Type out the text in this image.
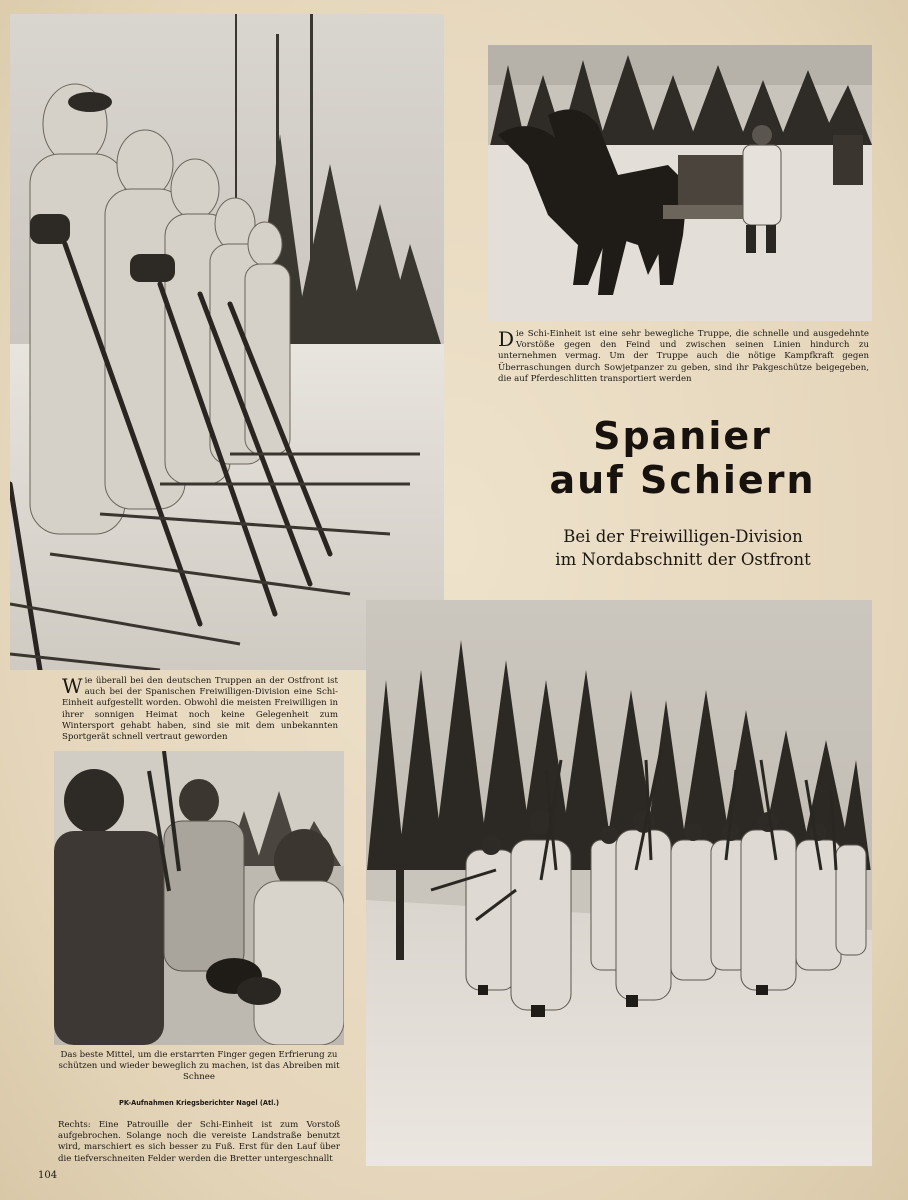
Die Schi-Einheit ist eine sehr bewegliche Truppe, die schnelle und ausgedehnte Vorstöße gegen den Feind und zwischen seinen Linien hindurch zu unternehmen vermag. Um der Truppe auch die nötige Kampfkraft gegen Überraschungen durch Sowjetpanzer zu geben, sind ihr Pakgeschütze beigegeben, die auf Pferdeschlitten transportiert werden

Spanier
auf Schiern

Bei der Freiwilligen-Division
im Nordabschnitt der Ostfront

Wie überall bei den deutschen Truppen an der Ostfront ist auch bei der Spanischen Freiwilligen-Division eine Schi-Einheit aufgestellt worden. Obwohl die meisten Freiwilligen in ihrer sonnigen Heimat noch keine Gelegenheit zum Wintersport gehabt haben, sind sie mit dem unbekannten Sportgerät schnell vertraut geworden

Das beste Mittel, um die erstarrten Finger gegen Erfrierung zu schützen und wieder beweglich zu machen, ist das Abreiben mit Schnee

PK-Aufnahmen Kriegsberichter Nagel (Atl.)

Rechts: Eine Patrouille der Schi-Einheit ist zum Vorstoß aufgebrochen. Solange noch die vereiste Landstraße benutzt wird, marschiert es sich besser zu Fuß. Erst für den Lauf über die tiefverschneiten Felder werden die Bretter untergeschnallt

104
